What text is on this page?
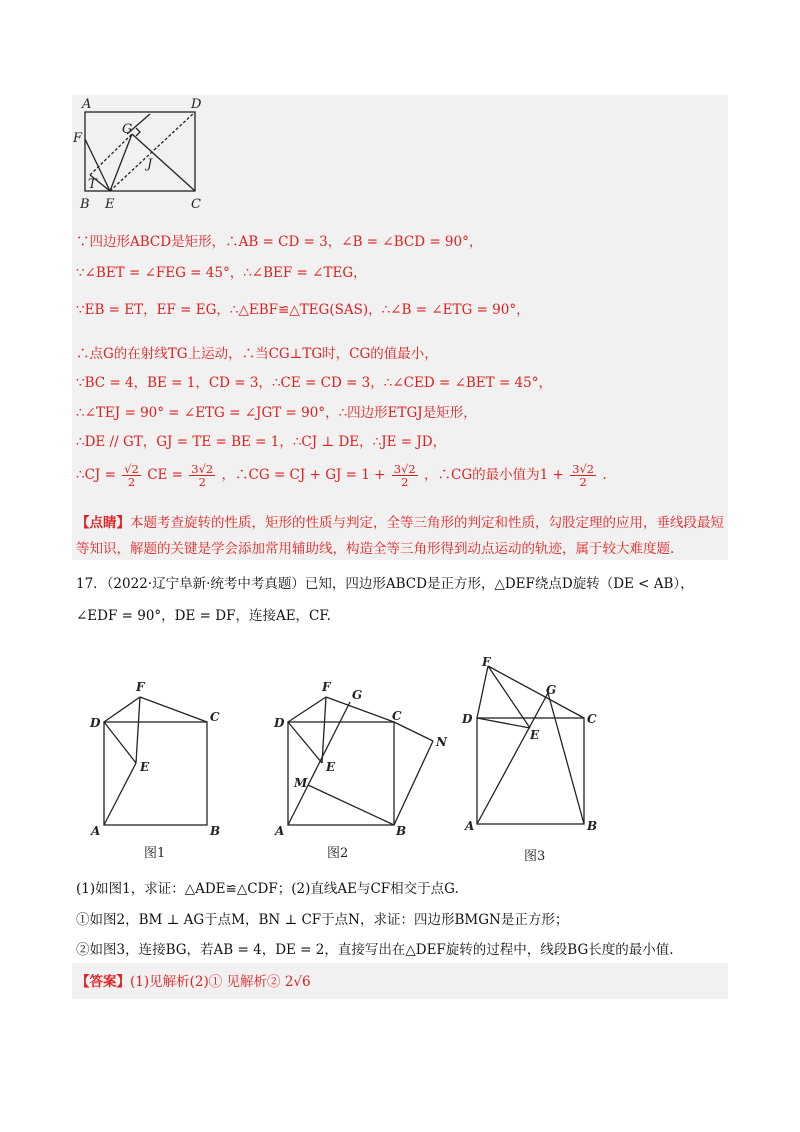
A	D
F
G
J
T
B E	C
∵四边形ABCD是矩形，∴AB = CD = 3，∠B = ∠BCD = 90°，
∵∠BET = ∠FEG = 45°，∴∠BEF = ∠TEG，
∵EB = ET，EF = EG，∴△EBF≌△TEG(SAS)，∴∠B = ∠ETG = 90°，
∴点G的在射线TG上运动，∴当CG⊥TG时，CG的值最小，
∵BC = 4，BE = 1，CD = 3，∴CE = CD = 3，∴∠CED = ∠BET = 45°，
∴∠TEJ = 90° = ∠ETG = ∠JGT = 90°，∴四边形ETGJ是矩形，
∴DE // GT，GJ = TE = BE = 1，∴CJ ⊥ DE，∴JE = JD，
∴CJ = $\frac{√2}{2}$ CE = $\frac{3√2}{2}$ ，∴CG = CJ + GJ = $1 + \frac{3√2}{2}$ ，∴CG的最小值为$1 + \frac{3√2}{2}$ .
【点睛】本题考查旋转的性质，矩形的性质与判定，全等三角形的判定和性质，勾股定理的应用，垂线段最短等知识，解题的关键是学会添加常用辅助线，构造全等三角形得到动点运动的轨迹，属于较大难度题.
17．（2022·辽宁阜新·统考中考真题）已知，四边形ABCD是正方形，△DEF绕点D旋转（DE < AB），
∠EDF = 90°，DE = DF，连接AE，CF.
F
D	C
E
A	B
图1
F
G
D	C
E
M
N
A	B
图2
F
G
D	C
E
A	B
图3
(1)如图1，求证：△ADE≌△CDF；(2)直线AE与CF相交于点G.
①如图2，BM ⊥ AG于点M，BN ⊥ CF于点N，求证：四边形BMGN是正方形；
②如图3，连接BG，若AB = 4，DE = 2，直接写出在△DEF旋转的过程中，线段BG长度的最小值.
【答案】(1)见解析(2)① 见解析② 2√6
